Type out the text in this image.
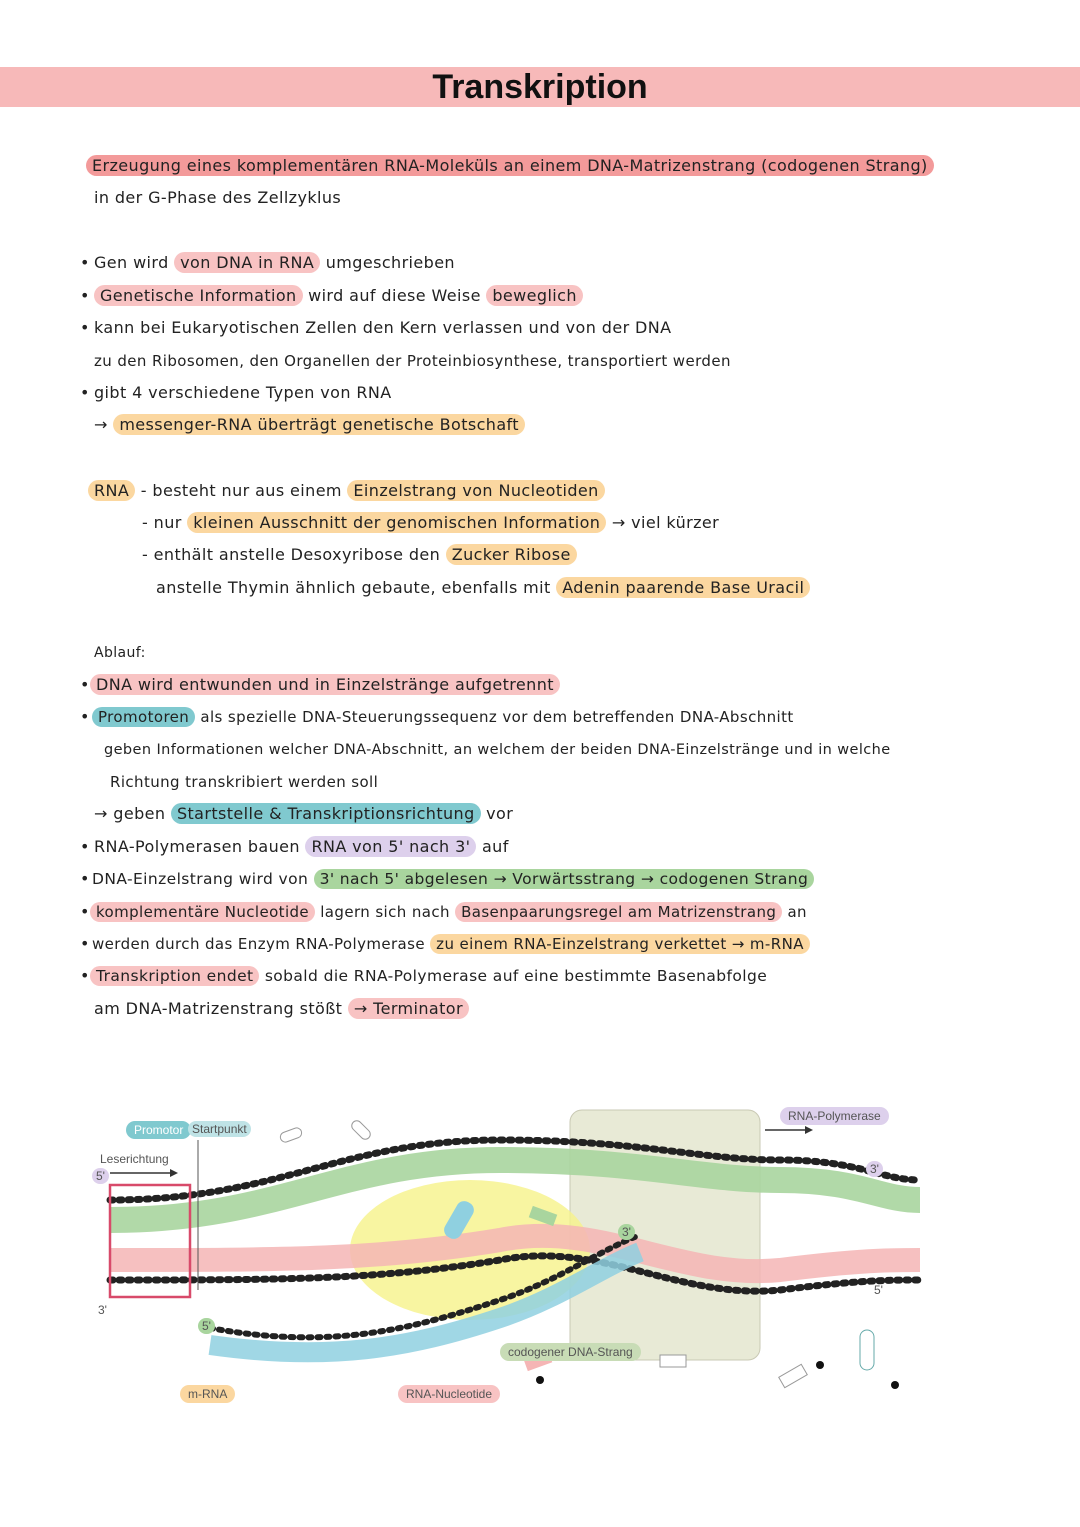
Transkription
Erzeugung eines komplementären RNA-Moleküls an einem DNA-Matrizenstrang (codogenen Strang)
in der G-Phase des Zellzyklus
• Gen wird von DNA in RNA umgeschrieben
• Genetische Information wird auf diese Weise beweglich
• kann bei Eukaryotischen Zellen den Kern verlassen und von der DNA
zu den Ribosomen, den Organellen der Proteinbiosynthese, transportiert werden
• gibt 4 verschiedene Typen von RNA
→ messenger-RNA überträgt genetische Botschaft
RNA - besteht nur aus einem Einzelstrang von Nucleotiden
- nur kleinen Ausschnitt der genomischen Information → viel kürzer
- enthält anstelle Desoxyribose den Zucker Ribose
anstelle Thymin ähnlich gebaute, ebenfalls mit Adenin paarende Base Uracil
Ablauf:
• DNA wird entwunden und in Einzelstränge aufgetrennt
• Promotoren als spezielle DNA-Steuerungssequenz vor dem betreffenden DNA-Abschnitt
geben Informationen welcher DNA-Abschnitt, an welchem der beiden DNA-Einzelstränge und in welche
Richtung transkribiert werden soll
→ geben Startstelle & Transkriptionsrichtung vor
• RNA-Polymerasen bauen RNA von 5' nach 3' auf
• DNA-Einzelstrang wird von 3' nach 5' abgelesen → Vorwärtsstrang → codogenen Strang
• komplementäre Nucleotide lagern sich nach Basenpaarungsregel am Matrizenstrang an
• werden durch das Enzym RNA-Polymerase zu einem RNA-Einzelstrang verkettet → m-RNA
• Transkription endet sobald die RNA-Polymerase auf eine bestimmte Basenabfolge
am DNA-Matrizenstrang stößt → Terminator
Promotor Startpunkt
Leserichtung
5'
3'
RNA-Polymerase
3'
5'
3'
5'
codogener DNA-Strang
m-RNA	RNA-Nucleotide
